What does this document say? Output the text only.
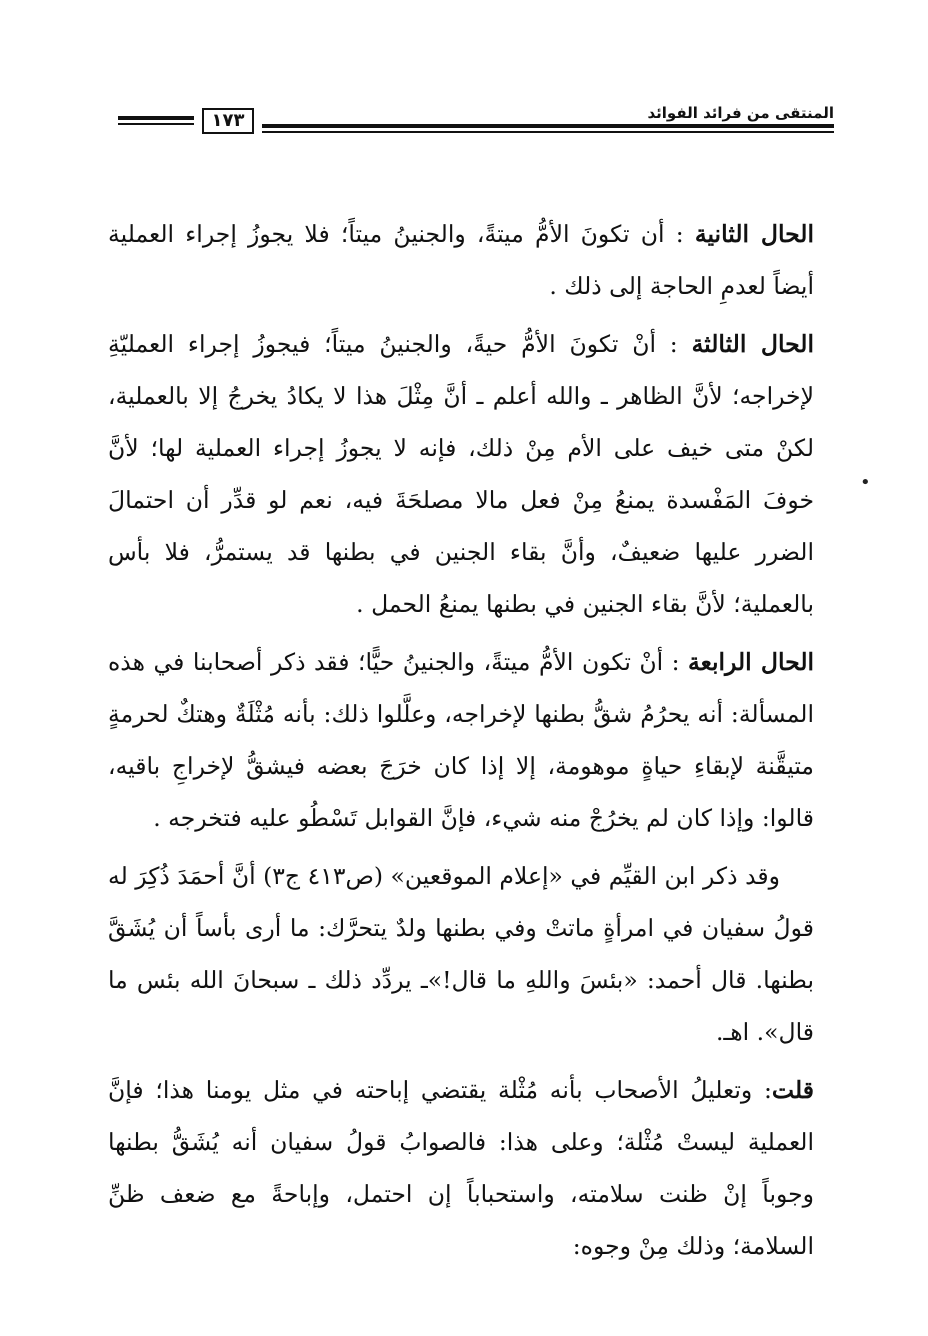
١٧٣	المنتقى من فرائد الفوائد
•

الحال الثانية : أن تكونَ الأمُّ ميتةً، والجنينُ ميتاً؛ فلا يجوزُ إجراء العملية أيضاً لعدمِ الحاجة إلى ذلك .

الحال الثالثة : أنْ تكونَ الأمُّ حيةً، والجنينُ ميتاً؛ فيجوزُ إجراء العمليّةِ لإخراجه؛ لأنَّ الظاهر ـ والله أعلم ـ أنَّ مِثْلَ هذا لا يكادُ يخرجُ إلا بالعملية، لكنْ متى خيف على الأم مِنْ ذلك، فإنه لا يجوزُ إجراء العملية لها؛ لأنَّ خوفَ المَفْسدة يمنعُ مِنْ فعل مالا مصلحَةَ فيه، نعم لو قدِّر أن احتمالَ الضرر عليها ضعيفٌ، وأنَّ بقاء الجنين في بطنها قد يستمرُّ، فلا بأس بالعملية؛ لأنَّ بقاء الجنين في بطنها يمنعُ الحمل .

الحال الرابعة : أنْ تكون الأمُّ ميتةً، والجنينُ حيًّا؛ فقد ذكر أصحابنا في هذه المسألة: أنه يحرُمُ شقُّ بطنها لإخراجه، وعلَّلوا ذلك: بأنه مُثْلَةٌ وهتكٌ لحرمةٍ متيقَّنة لإبقاءِ حياةٍ موهومة، إلا إذا كان خرَجَ بعضه فيشقُّ لإخراجِ باقيه، قالوا: وإذا كان لم يخرُجْ منه شيء، فإنَّ القوابل تَسْطُو عليه فتخرجه .

وقد ذكر ابن القيِّم في «إعلام الموقعين» (ص٤١٣ ج٣) أنَّ أحمَدَ ذُكِرَ له قولُ سفيان في امرأةٍ ماتتْ وفي بطنها ولدٌ يتحرَّك: ما أرى بأساً أن يُشَقَّ بطنها. قال أحمد: «بئسَ واللهِ ما قال!»ـ يردِّد ذلك ـ سبحانَ الله بئس ما قال». اهـ.

قلت: وتعليلُ الأصحاب بأنه مُثْلة يقتضي إباحته في مثل يومنا هذا؛ فإنَّ العملية ليستْ مُثْلة؛ وعلى هذا: فالصوابُ قولُ سفيان أنه يُشَقُّ بطنها وجوباً إنْ ظنت سلامته، واستحباباً إن احتمل، وإباحةً مع ضعف ظنِّ السلامة؛ وذلك مِنْ وجوه:
